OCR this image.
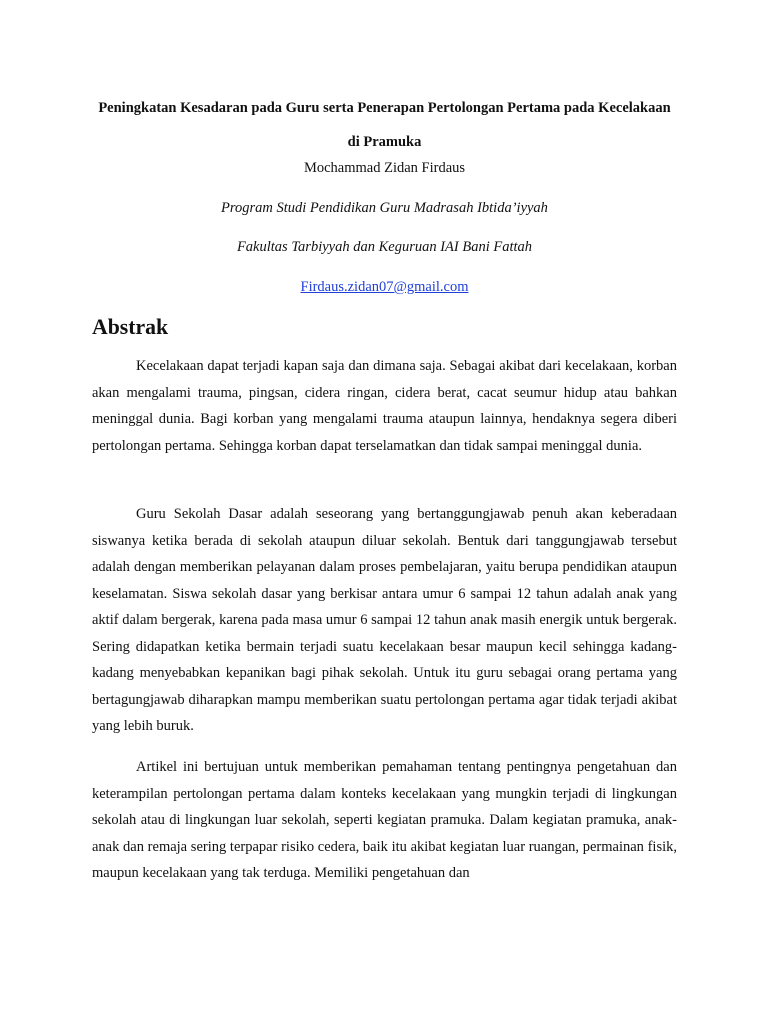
Peningkatan Kesadaran pada Guru serta Penerapan Pertolongan Pertama pada Kecelakaan di Pramuka

Mochammad Zidan Firdaus

Program Studi Pendidikan Guru Madrasah Ibtida’iyyah

Fakultas Tarbiyyah dan Keguruan IAI Bani Fattah

Firdaus.zidan07@gmail.com

Abstrak

Kecelakaan dapat terjadi kapan saja dan dimana saja. Sebagai akibat dari kecelakaan, korban akan mengalami trauma, pingsan, cidera ringan, cidera berat, cacat seumur hidup atau bahkan meninggal dunia. Bagi korban yang mengalami trauma ataupun lainnya, hendaknya segera diberi pertolongan pertama. Sehingga korban dapat terselamatkan dan tidak sampai meninggal dunia.

Guru Sekolah Dasar adalah seseorang yang bertanggungjawab penuh akan keberadaan siswanya ketika berada di sekolah ataupun diluar sekolah. Bentuk dari tanggungjawab tersebut adalah dengan memberikan pelayanan dalam proses pembelajaran, yaitu berupa pendidikan ataupun keselamatan. Siswa sekolah dasar yang berkisar antara umur 6 sampai 12 tahun adalah anak yang aktif dalam bergerak, karena pada masa umur 6 sampai 12 tahun anak masih energik untuk bergerak. Sering didapatkan ketika bermain terjadi suatu kecelakaan besar maupun kecil sehingga kadang-kadang menyebabkan kepanikan bagi pihak sekolah. Untuk itu guru sebagai orang pertama yang bertagungjawab diharapkan mampu memberikan suatu pertolongan pertama agar tidak terjadi akibat yang lebih buruk.

Artikel ini bertujuan untuk memberikan pemahaman tentang pentingnya pengetahuan dan keterampilan pertolongan pertama dalam konteks kecelakaan yang mungkin terjadi di lingkungan sekolah atau di lingkungan luar sekolah, seperti kegiatan pramuka. Dalam kegiatan pramuka, anak-anak dan remaja sering terpapar risiko cedera, baik itu akibat kegiatan luar ruangan, permainan fisik, maupun kecelakaan yang tak terduga. Memiliki pengetahuan dan
